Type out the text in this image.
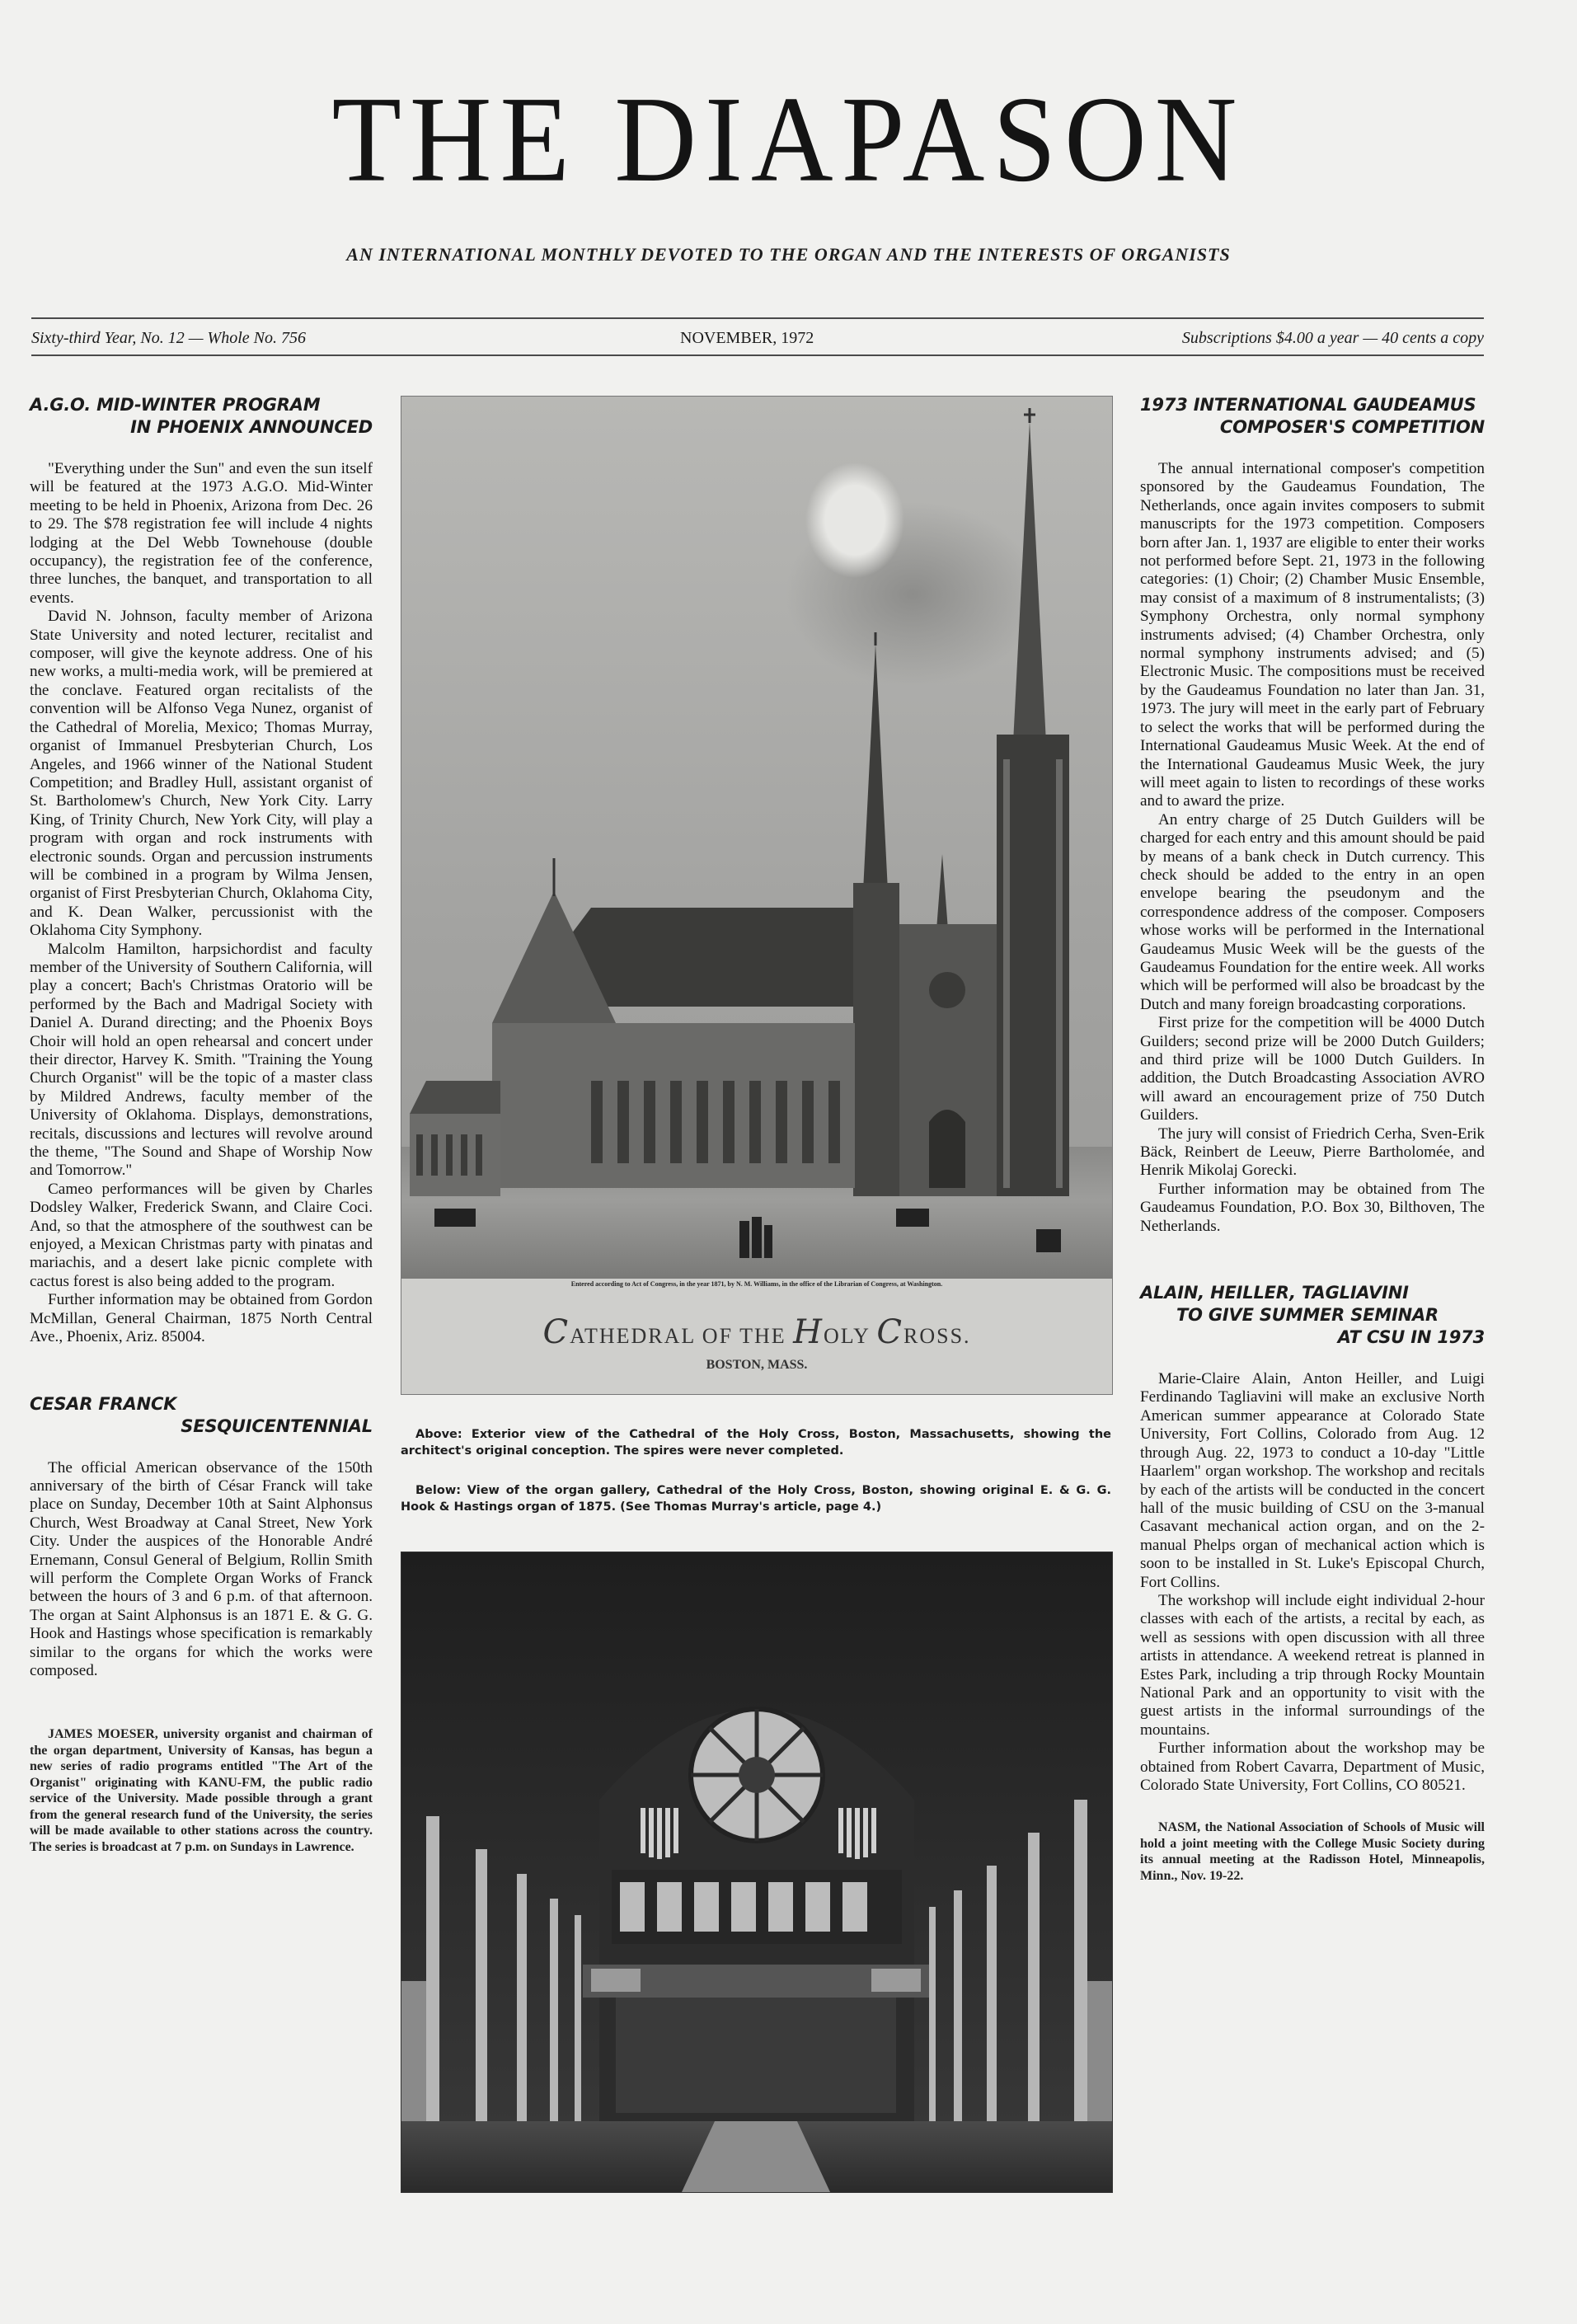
THE DIAPASON
AN INTERNATIONAL MONTHLY DEVOTED TO THE ORGAN AND THE INTERESTS OF ORGANISTS
Sixty-third Year, No. 12 — Whole No. 756	NOVEMBER, 1972	Subscriptions $4.00 a year — 40 cents a copy
A.G.O. MID-WINTER PROGRAM
IN PHOENIX ANNOUNCED

"Everything under the Sun" and even the sun itself will be featured at the 1973 A.G.O. Mid-Winter meeting to be held in Phoenix, Arizona from Dec. 26 to 29. The $78 registration fee will include 4 nights lodging at the Del Webb Townehouse (double occupancy), the registration fee of the conference, three lunches, the banquet, and transportation to all events.

David N. Johnson, faculty member of Arizona State University and noted lecturer, recitalist and composer, will give the keynote address. One of his new works, a multi-media work, will be premiered at the conclave. Featured organ recitalists of the convention will be Alfonso Vega Nunez, organist of the Cathedral of Morelia, Mexico; Thomas Murray, organist of Immanuel Presbyterian Church, Los Angeles, and 1966 winner of the National Student Competition; and Bradley Hull, assistant organist of St. Bartholomew's Church, New York City. Larry King, of Trinity Church, New York City, will play a program with organ and rock instruments with electronic sounds. Organ and percussion instruments will be combined in a program by Wilma Jensen, organist of First Presbyterian Church, Oklahoma City, and K. Dean Walker, percussionist with the Oklahoma City Symphony.

Malcolm Hamilton, harpsichordist and faculty member of the University of Southern California, will play a concert; Bach's Christmas Oratorio will be performed by the Bach and Madrigal Society with Daniel A. Durand directing; and the Phoenix Boys Choir will hold an open rehearsal and concert under their director, Harvey K. Smith. "Training the Young Church Organist" will be the topic of a master class by Mildred Andrews, faculty member of the University of Oklahoma. Displays, demonstrations, recitals, discussions and lectures will revolve around the theme, "The Sound and Shape of Worship Now and Tomorrow."

Cameo performances will be given by Charles Dodsley Walker, Frederick Swann, and Claire Coci. And, so that the atmosphere of the southwest can be enjoyed, a Mexican Christmas party with pinatas and mariachis, and a desert lake picnic complete with cactus forest is also being added to the program.

Further information may be obtained from Gordon McMillan, General Chairman, 1875 North Central Ave., Phoenix, Ariz. 85004.

CESAR FRANCK
SESQUICENTENNIAL

The official American observance of the 150th anniversary of the birth of César Franck will take place on Sunday, December 10th at Saint Alphonsus Church, West Broadway at Canal Street, New York City. Under the auspices of the Honorable André Ernemann, Consul General of Belgium, Rollin Smith will perform the Complete Organ Works of Franck between the hours of 3 and 6 p.m. of that afternoon. The organ at Saint Alphonsus is an 1871 E. & G. G. Hook and Hastings whose specification is remarkably similar to the organs for which the works were composed.

JAMES MOESER, university organist and chairman of the organ department, University of Kansas, has begun a new series of radio programs entitled "The Art of the Organist" originating with KANU-FM, the public radio service of the University. Made possible through a grant from the general research fund of the University, the series will be made available to other stations across the country. The series is broadcast at 7 p.m. on Sundays in Lawrence.

Entered according to Act of Congress, in the year 1871, by N. M. Williams, in the office of the Librarian of Congress, at Washington.
CATHEDRAL OF THE HOLY CROSS.
BOSTON, MASS.
Above: Exterior view of the Cathedral of the Holy Cross, Boston, Massachusetts, showing the architect's original conception. The spires were never completed.
Below: View of the organ gallery, Cathedral of the Holy Cross, Boston, showing original E. & G. G. Hook & Hastings organ of 1875. (See Thomas Murray's article, page 4.)
1973 INTERNATIONAL GAUDEAMUS
COMPOSER'S COMPETITION

The annual international composer's competition sponsored by the Gaudeamus Foundation, The Netherlands, once again invites composers to submit manuscripts for the 1973 competition. Composers born after Jan. 1, 1937 are eligible to enter their works not performed before Sept. 21, 1973 in the following categories: (1) Choir; (2) Chamber Music Ensemble, may consist of a maximum of 8 instrumentalists; (3) Symphony Orchestra, only normal symphony instruments advised; (4) Chamber Orchestra, only normal symphony instruments advised; and (5) Electronic Music. The compositions must be received by the Gaudeamus Foundation no later than Jan. 31, 1973. The jury will meet in the early part of February to select the works that will be performed during the International Gaudeamus Music Week. At the end of the International Gaudeamus Music Week, the jury will meet again to listen to recordings of these works and to award the prize.

An entry charge of 25 Dutch Guilders will be charged for each entry and this amount should be paid by means of a bank check in Dutch currency. This check should be added to the entry in an open envelope bearing the pseudonym and the correspondence address of the composer. Composers whose works will be performed in the International Gaudeamus Music Week will be the guests of the Gaudeamus Foundation for the entire week. All works which will be performed will also be broadcast by the Dutch and many foreign broadcasting corporations.

First prize for the competition will be 4000 Dutch Guilders; second prize will be 2000 Dutch Guilders; and third prize will be 1000 Dutch Guilders. In addition, the Dutch Broadcasting Association AVRO will award an encouragement prize of 750 Dutch Guilders.

The jury will consist of Friedrich Cerha, Sven-Erik Bäck, Reinbert de Leeuw, Pierre Bartholomée, and Henrik Mikolaj Gorecki.

Further information may be obtained from The Gaudeamus Foundation, P.O. Box 30, Bilthoven, The Netherlands.

ALAIN, HEILLER, TAGLIAVINI
TO GIVE SUMMER SEMINAR
AT CSU IN 1973

Marie-Claire Alain, Anton Heiller, and Luigi Ferdinando Tagliavini will make an exclusive North American summer appearance at Colorado State University, Fort Collins, Colorado from Aug. 12 through Aug. 22, 1973 to conduct a 10-day "Little Haarlem" organ workshop. The workshop and recitals by each of the artists will be conducted in the concert hall of the music building of CSU on the 3-manual Casavant mechanical action organ, and on the 2-manual Phelps organ of mechanical action which is soon to be installed in St. Luke's Episcopal Church, Fort Collins.

The workshop will include eight individual 2-hour classes with each of the artists, a recital by each, as well as sessions with open discussion with all three artists in attendance. A weekend retreat is planned in Estes Park, including a trip through Rocky Mountain National Park and an opportunity to visit with the guest artists in the informal surroundings of the mountains.

Further information about the workshop may be obtained from Robert Cavarra, Department of Music, Colorado State University, Fort Collins, CO 80521.

NASM, the National Association of Schools of Music will hold a joint meeting with the College Music Society during its annual meeting at the Radisson Hotel, Minneapolis, Minn., Nov. 19-22.
